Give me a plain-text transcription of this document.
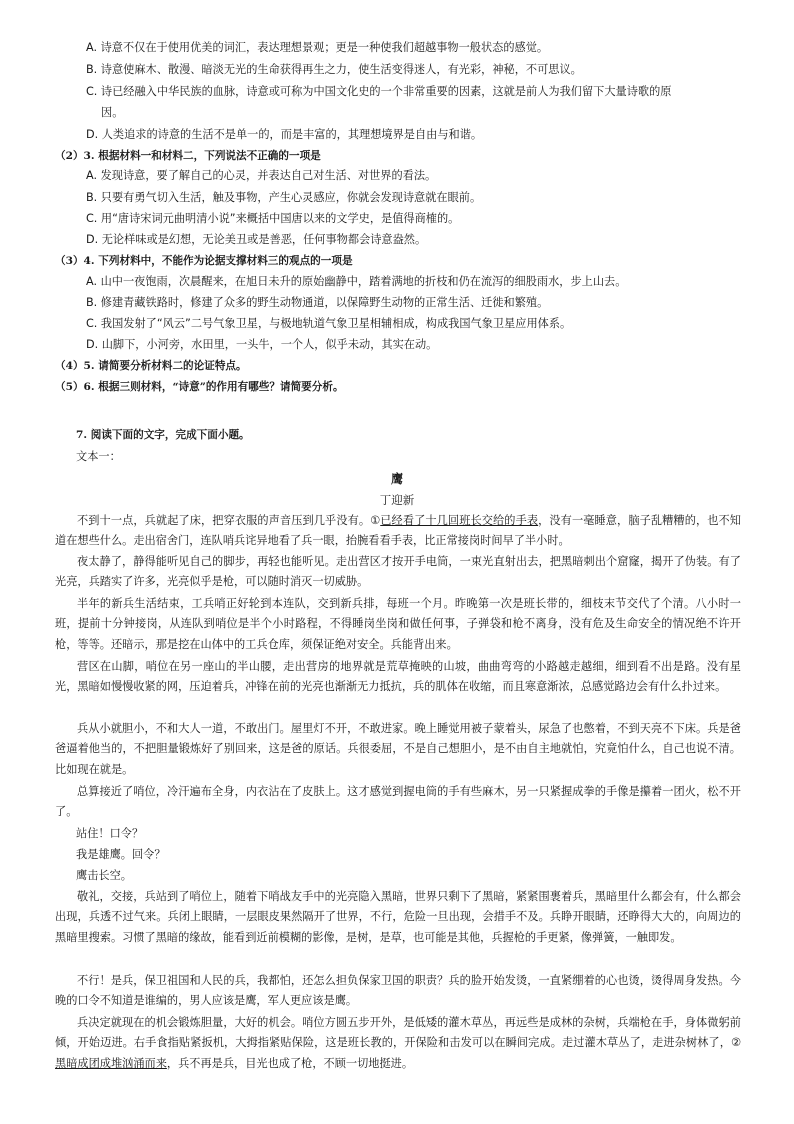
A. 诗意不仅在于使用优美的词汇，表达理想景观；更是一种使我们超越事物一般状态的感觉。
B. 诗意使麻木、散漫、暗淡无光的生命获得再生之力，使生活变得迷人，有光彩，神秘，不可思议。
C. 诗已经融入中华民族的血脉，诗意或可称为中国文化史的一个非常重要的因素，这就是前人为我们留下大量诗歌的原
因。
D. 人类追求的诗意的生活不是单一的，而是丰富的，其理想境界是自由与和谐。
（2）3. 根据材料一和材料二，下列说法不正确的一项是
A. 发现诗意，要了解自己的心灵，并表达自己对生活、对世界的看法。
B. 只要有勇气切入生活，触及事物，产生心灵感应，你就会发现诗意就在眼前。
C. 用“唐诗宋词元曲明清小说”来概括中国唐以来的文学史，是值得商榷的。
D. 无论样味或是幻想，无论美丑或是善恶，任何事物都会诗意盎然。
（3）4. 下列材料中，不能作为论据支撑材料三的观点的一项是
A. 山中一夜饱雨，次晨醒来，在旭日未升的原始幽静中，踏着满地的折枝和仍在流泻的细股雨水，步上山去。
B. 修建青藏铁路时，修建了众多的野生动物通道，以保障野生动物的正常生活、迁徙和繁殖。
C. 我国发射了“风云”二号气象卫星，与极地轨道气象卫星相辅相成，构成我国气象卫星应用体系。
D. 山脚下，小河旁，水田里，一头牛，一个人，似乎未动，其实在动。
（4）5. 请简要分析材料二的论证特点。
（5）6. 根据三则材料，“诗意”的作用有哪些？请简要分析。
7. 阅读下面的文字，完成下面小题。
文本一：
鹰
丁迎新
不到十一点，兵就起了床，把穿衣服的声音压到几乎没有。①已经看了十几回班长交给的手表，没有一毫睡意，脑子乱糟糟的，也不知道在想些什么。走出宿舍门，连队哨兵诧异地看了兵一眼，抬腕看看手表，比正常接岗时间早了半小时。
夜太静了，静得能听见自己的脚步，再轻也能听见。走出营区才按开手电筒，一束光直射出去，把黑暗刺出个窟窿，揭开了伪装。有了光亮，兵踏实了许多，光亮似乎是枪，可以随时消灭一切威胁。
半年的新兵生活结束，工兵哨正好轮到本连队，交到新兵排，每班一个月。昨晚第一次是班长带的，细枝末节交代了个清。八小时一班，提前十分钟接岗，从连队到哨位是半个小时路程，不得睡岗坐岗和做任何事，子弹袋和枪不离身，没有危及生命安全的情况绝不许开枪，等等。还暗示，那是挖在山体中的工兵仓库，须保证绝对安全。兵能背出来。
营区在山脚，哨位在另一座山的半山腰，走出营房的地界就是荒草掩映的山坡，曲曲弯弯的小路越走越细，细到看不出是路。没有星光，黑暗如慢慢收紧的网，压迫着兵，冲锋在前的光亮也渐渐无力抵抗，兵的肌体在收缩，而且寒意渐浓，总感觉路边会有什么扑过来。
兵从小就胆小，不和大人一道，不敢出门。屋里灯不开，不敢进家。晚上睡觉用被子蒙着头，尿急了也憋着，不到天亮不下床。兵是爸爸逼着他当的，不把胆量锻炼好了别回来，这是爸的原话。兵很委屈，不是自己想胆小，是不由自主地就怕，究竟怕什么，自己也说不清。比如现在就是。
总算接近了哨位，冷汗遍布全身，内衣沾在了皮肤上。这才感觉到握电筒的手有些麻木，另一只紧握成拳的手像是攥着一团火，松不开了。
站住！口令？
我是雄鹰。回令？
鹰击长空。
敬礼，交接，兵站到了哨位上，随着下哨战友手中的光亮隐入黑暗，世界只剩下了黑暗，紧紧围裹着兵，黑暗里什么都会有，什么都会出现，兵透不过气来。兵闭上眼睛，一层眼皮果然隔开了世界，不行，危险一旦出现，会措手不及。兵睁开眼睛，还睁得大大的，向周边的黑暗里搜索。习惯了黑暗的缘故，能看到近前模糊的影像，是树，是草，也可能是其他，兵握枪的手更紧，像弹簧，一触即发。
不行！是兵，保卫祖国和人民的兵，我都怕，还怎么担负保家卫国的职责？兵的脸开始发烫，一直紧绷着的心也烫，烫得周身发热。今晚的口令不知道是谁编的，男人应该是鹰，军人更应该是鹰。
兵决定就现在的机会锻炼胆量，大好的机会。哨位方圆五步开外，是低矮的灌木草丛，再远些是成林的杂树，兵端枪在手，身体微躬前倾，开始迈进。右手食指贴紧扳机，大拇指紧贴保险，这是班长教的，开保险和击发可以在瞬间完成。走过灌木草丛了，走进杂树林了，②黑暗成团成堆汹涌而来，兵不再是兵，目光也成了枪，不顾一切地挺进。
